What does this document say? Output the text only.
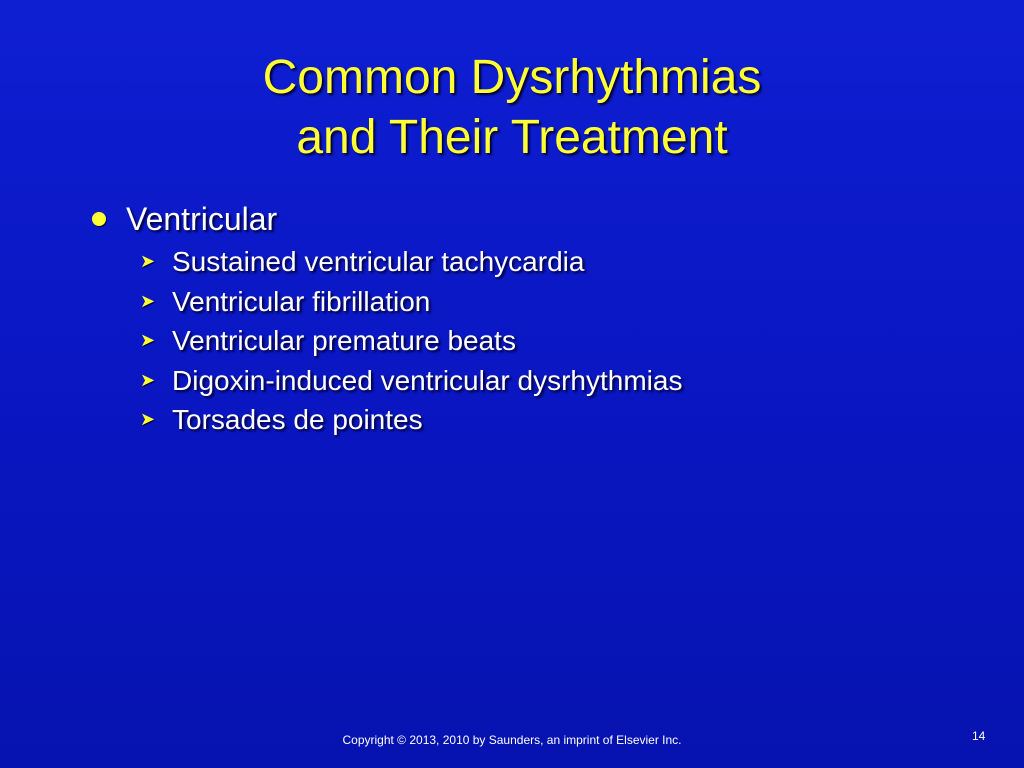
Common Dysrhythmias
and Their Treatment
Ventricular
➤ Sustained ventricular tachycardia
➤ Ventricular fibrillation
➤ Ventricular premature beats
➤ Digoxin-induced ventricular dysrhythmias
➤ Torsades de pointes
Copyright © 2013, 2010 by Saunders, an imprint of Elsevier Inc.	14
